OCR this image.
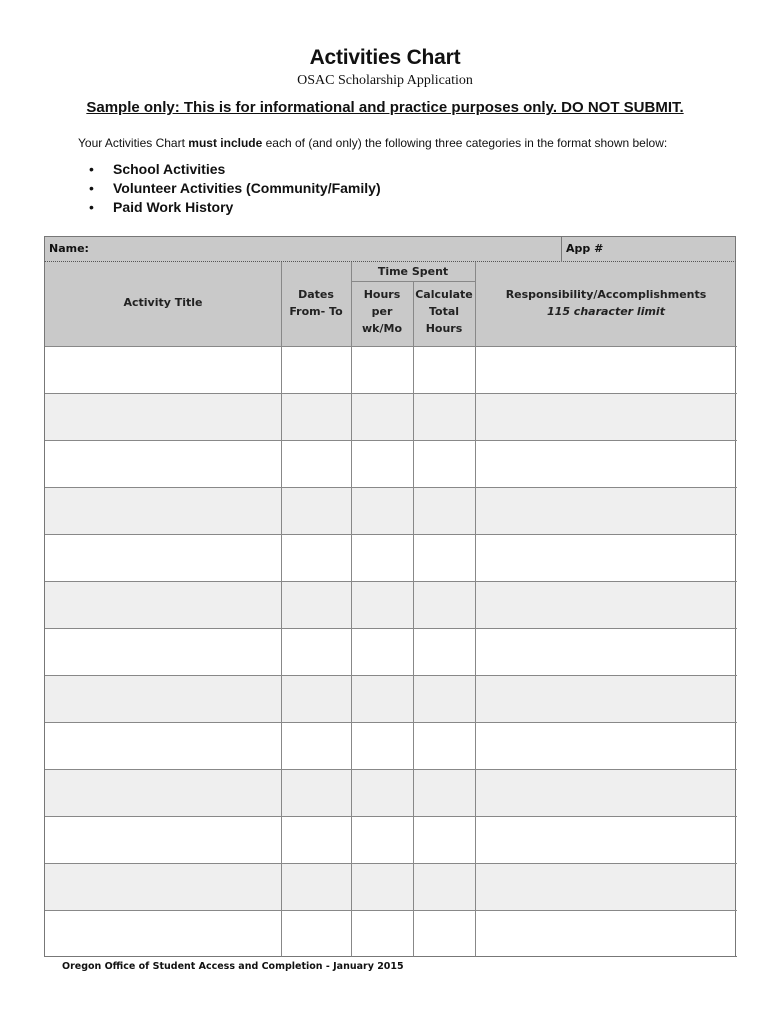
Activities Chart
OSAC Scholarship Application
Sample only: This is for informational and practice purposes only. DO NOT SUBMIT.
Your Activities Chart must include each of (and only) the following three categories in the format shown below:
• School Activities
• Volunteer Activities (Community/Family)
• Paid Work History
Name:	App #
Time Spent
Activity Title
Dates
From- To
Hours
per
wk/Mo
Calculate
Total
Hours
Responsibility/Accomplishments
115 character limit
Oregon Office of Student Access and Completion - January 2015
